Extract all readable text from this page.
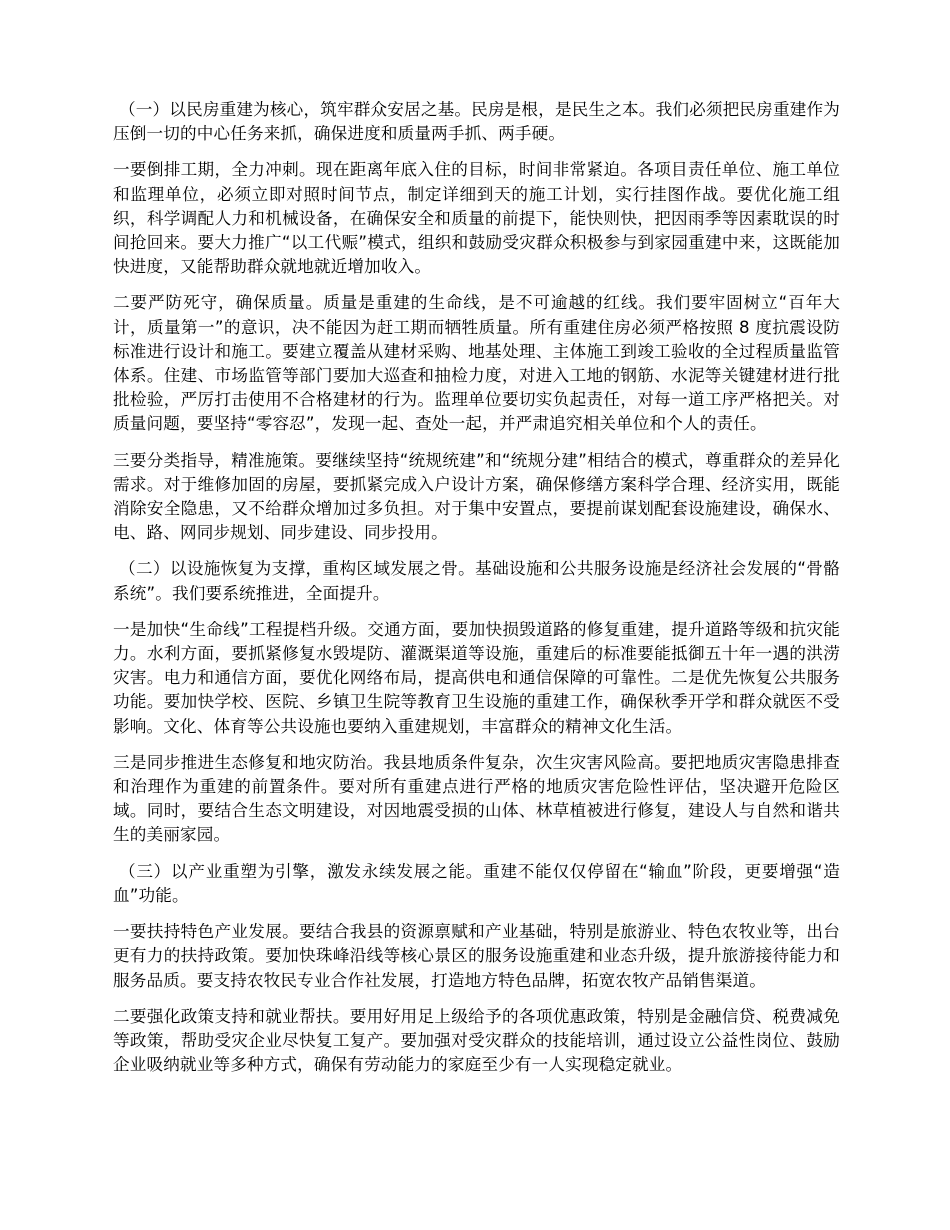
（一）以民房重建为核心，筑牢群众安居之基。民房是根，是民生之本。我们必须把民房重建作为压倒一切的中心任务来抓，确保进度和质量两手抓、两手硬。

一要倒排工期，全力冲刺。现在距离年底入住的目标，时间非常紧迫。各项目责任单位、施工单位和监理单位，必须立即对照时间节点，制定详细到天的施工计划，实行挂图作战。要优化施工组织，科学调配人力和机械设备，在确保安全和质量的前提下，能快则快，把因雨季等因素耽误的时间抢回来。要大力推广“以工代赈”模式，组织和鼓励受灾群众积极参与到家园重建中来，这既能加快进度，又能帮助群众就地就近增加收入。

二要严防死守，确保质量。质量是重建的生命线，是不可逾越的红线。我们要牢固树立“百年大计，质量第一”的意识，决不能因为赶工期而牺牲质量。所有重建住房必须严格按照 8 度抗震设防标准进行设计和施工。要建立覆盖从建材采购、地基处理、主体施工到竣工验收的全过程质量监管体系。住建、市场监管等部门要加大巡查和抽检力度，对进入工地的钢筋、水泥等关键建材进行批批检验，严厉打击使用不合格建材的行为。监理单位要切实负起责任，对每一道工序严格把关。对质量问题，要坚持“零容忍”，发现一起、查处一起，并严肃追究相关单位和个人的责任。

三要分类指导，精准施策。要继续坚持“统规统建”和“统规分建”相结合的模式，尊重群众的差异化需求。对于维修加固的房屋，要抓紧完成入户设计方案，确保修缮方案科学合理、经济实用，既能消除安全隐患，又不给群众增加过多负担。对于集中安置点，要提前谋划配套设施建设，确保水、电、路、网同步规划、同步建设、同步投用。

（二）以设施恢复为支撑，重构区域发展之骨。基础设施和公共服务设施是经济社会发展的“骨骼系统”。我们要系统推进，全面提升。

一是加快“生命线”工程提档升级。交通方面，要加快损毁道路的修复重建，提升道路等级和抗灾能力。水利方面，要抓紧修复水毁堤防、灌溉渠道等设施，重建后的标准要能抵御五十年一遇的洪涝灾害。电力和通信方面，要优化网络布局，提高供电和通信保障的可靠性。二是优先恢复公共服务功能。要加快学校、医院、乡镇卫生院等教育卫生设施的重建工作，确保秋季开学和群众就医不受影响。文化、体育等公共设施也要纳入重建规划，丰富群众的精神文化生活。

三是同步推进生态修复和地灾防治。我县地质条件复杂，次生灾害风险高。要把地质灾害隐患排查和治理作为重建的前置条件。要对所有重建点进行严格的地质灾害危险性评估，坚决避开危险区域。同时，要结合生态文明建设，对因地震受损的山体、林草植被进行修复，建设人与自然和谐共生的美丽家园。

（三）以产业重塑为引擎，激发永续发展之能。重建不能仅仅停留在“输血”阶段，更要增强“造血”功能。

一要扶持特色产业发展。要结合我县的资源禀赋和产业基础，特别是旅游业、特色农牧业等，出台更有力的扶持政策。要加快珠峰沿线等核心景区的服务设施重建和业态升级，提升旅游接待能力和服务品质。要支持农牧民专业合作社发展，打造地方特色品牌，拓宽农牧产品销售渠道。

二要强化政策支持和就业帮扶。要用好用足上级给予的各项优惠政策，特别是金融信贷、税费减免等政策，帮助受灾企业尽快复工复产。要加强对受灾群众的技能培训，通过设立公益性岗位、鼓励企业吸纳就业等多种方式，确保有劳动能力的家庭至少有一人实现稳定就业。
